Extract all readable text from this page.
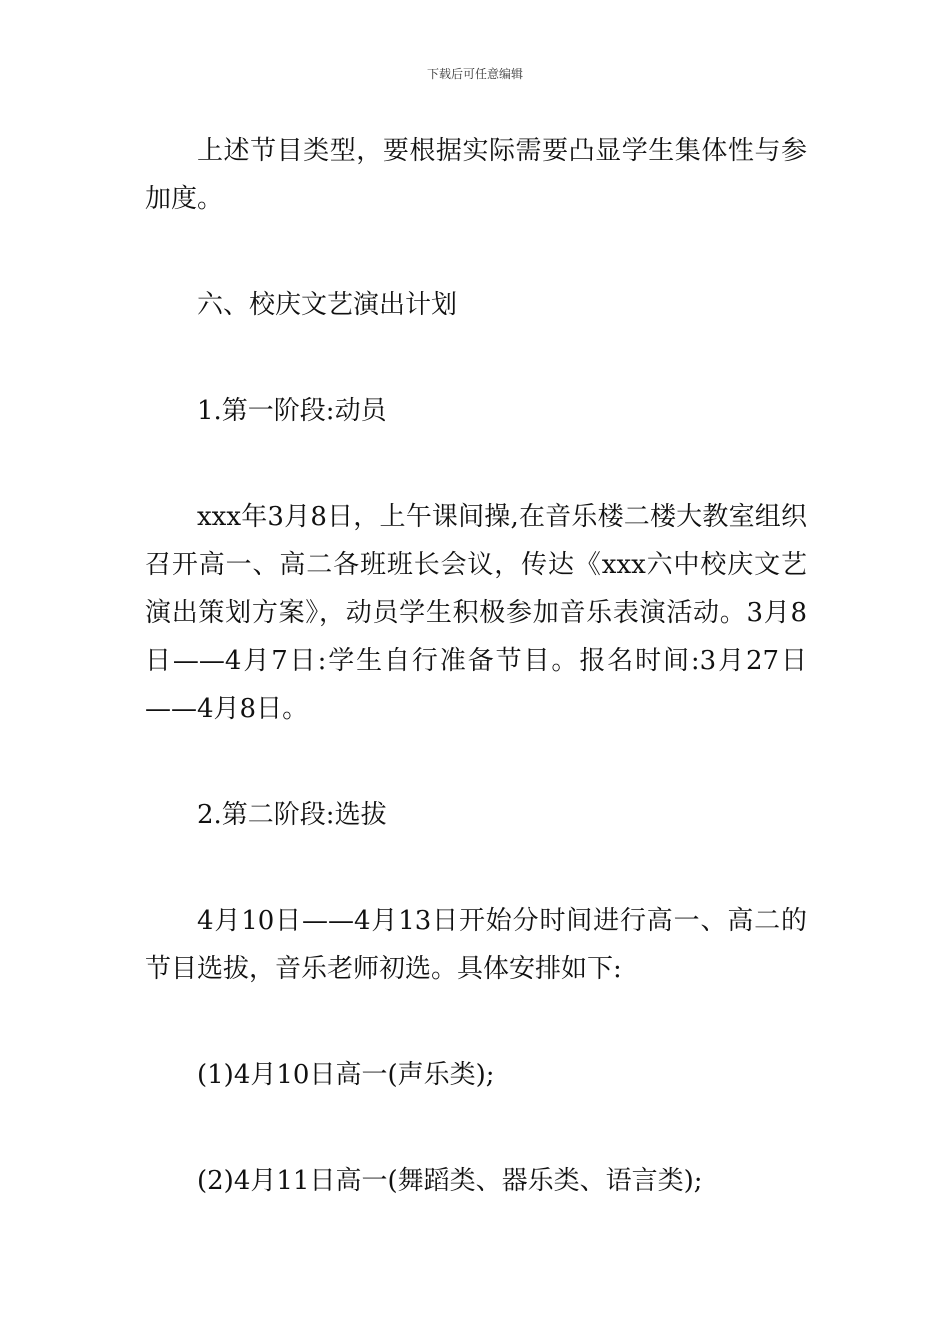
下载后可任意编辑

上述节目类型，要根据实际需要凸显学生集体性与参加度。

六、校庆文艺演出计划

1.第一阶段:动员

xxx年3月8日，上午课间操,在音乐楼二楼大教室组织召开高一、高二各班班长会议，传达《xxx六中校庆文艺演出策划方案》，动员学生积极参加音乐表演活动。3月8日——4月7日:学生自行准备节目。报名时间:3月27日——4月8日。

2.第二阶段:选拔

4月10日——4月13日开始分时间进行高一、高二的节目选拔，音乐老师初选。具体安排如下:

(1)4月10日高一(声乐类);

(2)4月11日高一(舞蹈类、器乐类、语言类);
